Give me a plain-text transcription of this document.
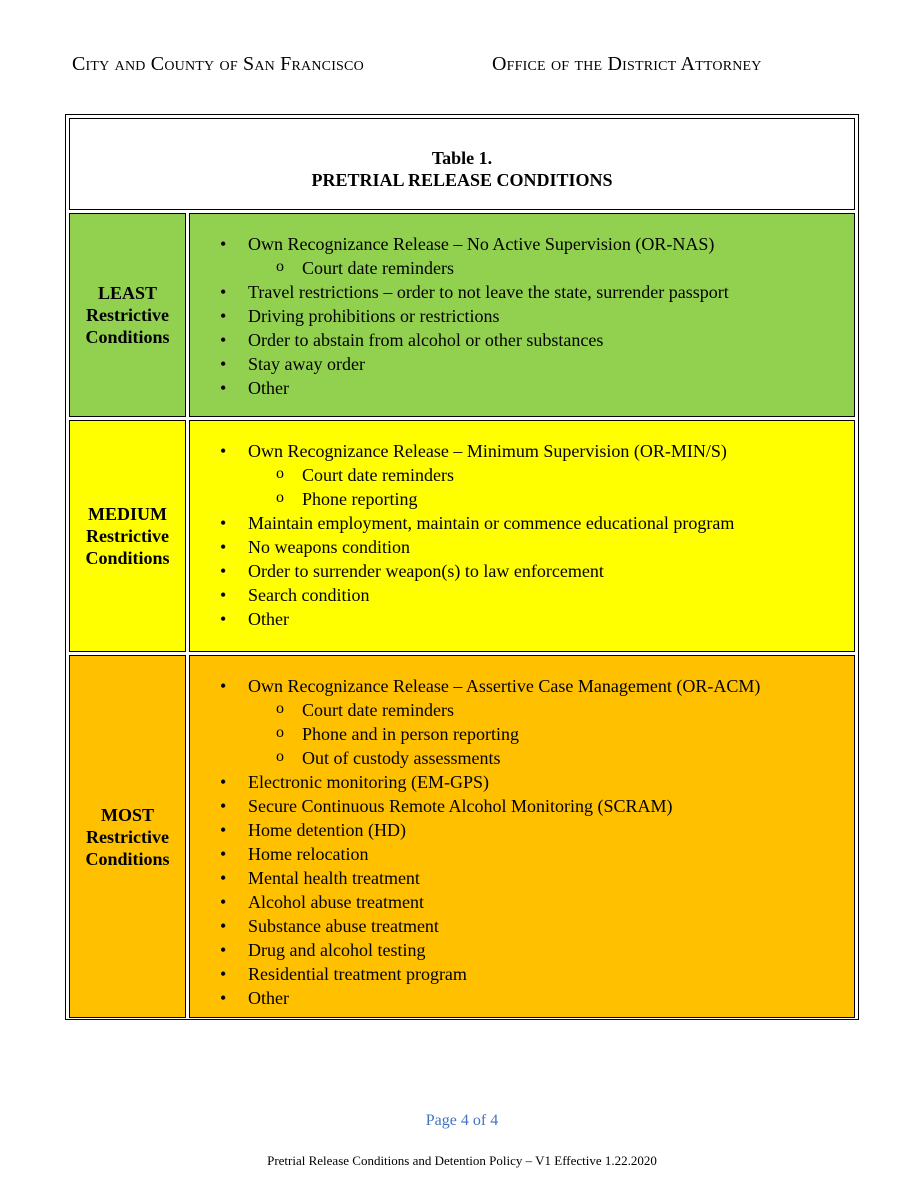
City and County of San Francisco	Office of the District Attorney
Table 1.
PRETRIAL RELEASE CONDITIONS
LEAST
Restrictive
Conditions
• Own Recognizance Release – No Active Supervision (OR-NAS)
o Court date reminders
• Travel restrictions – order to not leave the state, surrender passport
• Driving prohibitions or restrictions
• Order to abstain from alcohol or other substances
• Stay away order
• Other
MEDIUM
Restrictive
Conditions
• Own Recognizance Release – Minimum Supervision (OR-MIN/S)
o Court date reminders
o Phone reporting
• Maintain employment, maintain or commence educational program
• No weapons condition
• Order to surrender weapon(s) to law enforcement
• Search condition
• Other
MOST
Restrictive
Conditions
• Own Recognizance Release – Assertive Case Management (OR-ACM)
o Court date reminders
o Phone and in person reporting
o Out of custody assessments
• Electronic monitoring (EM-GPS)
• Secure Continuous Remote Alcohol Monitoring (SCRAM)
• Home detention (HD)
• Home relocation
• Mental health treatment
• Alcohol abuse treatment
• Substance abuse treatment
• Drug and alcohol testing
• Residential treatment program
• Other
Page 4 of 4
Pretrial Release Conditions and Detention Policy – V1 Effective 1.22.2020
